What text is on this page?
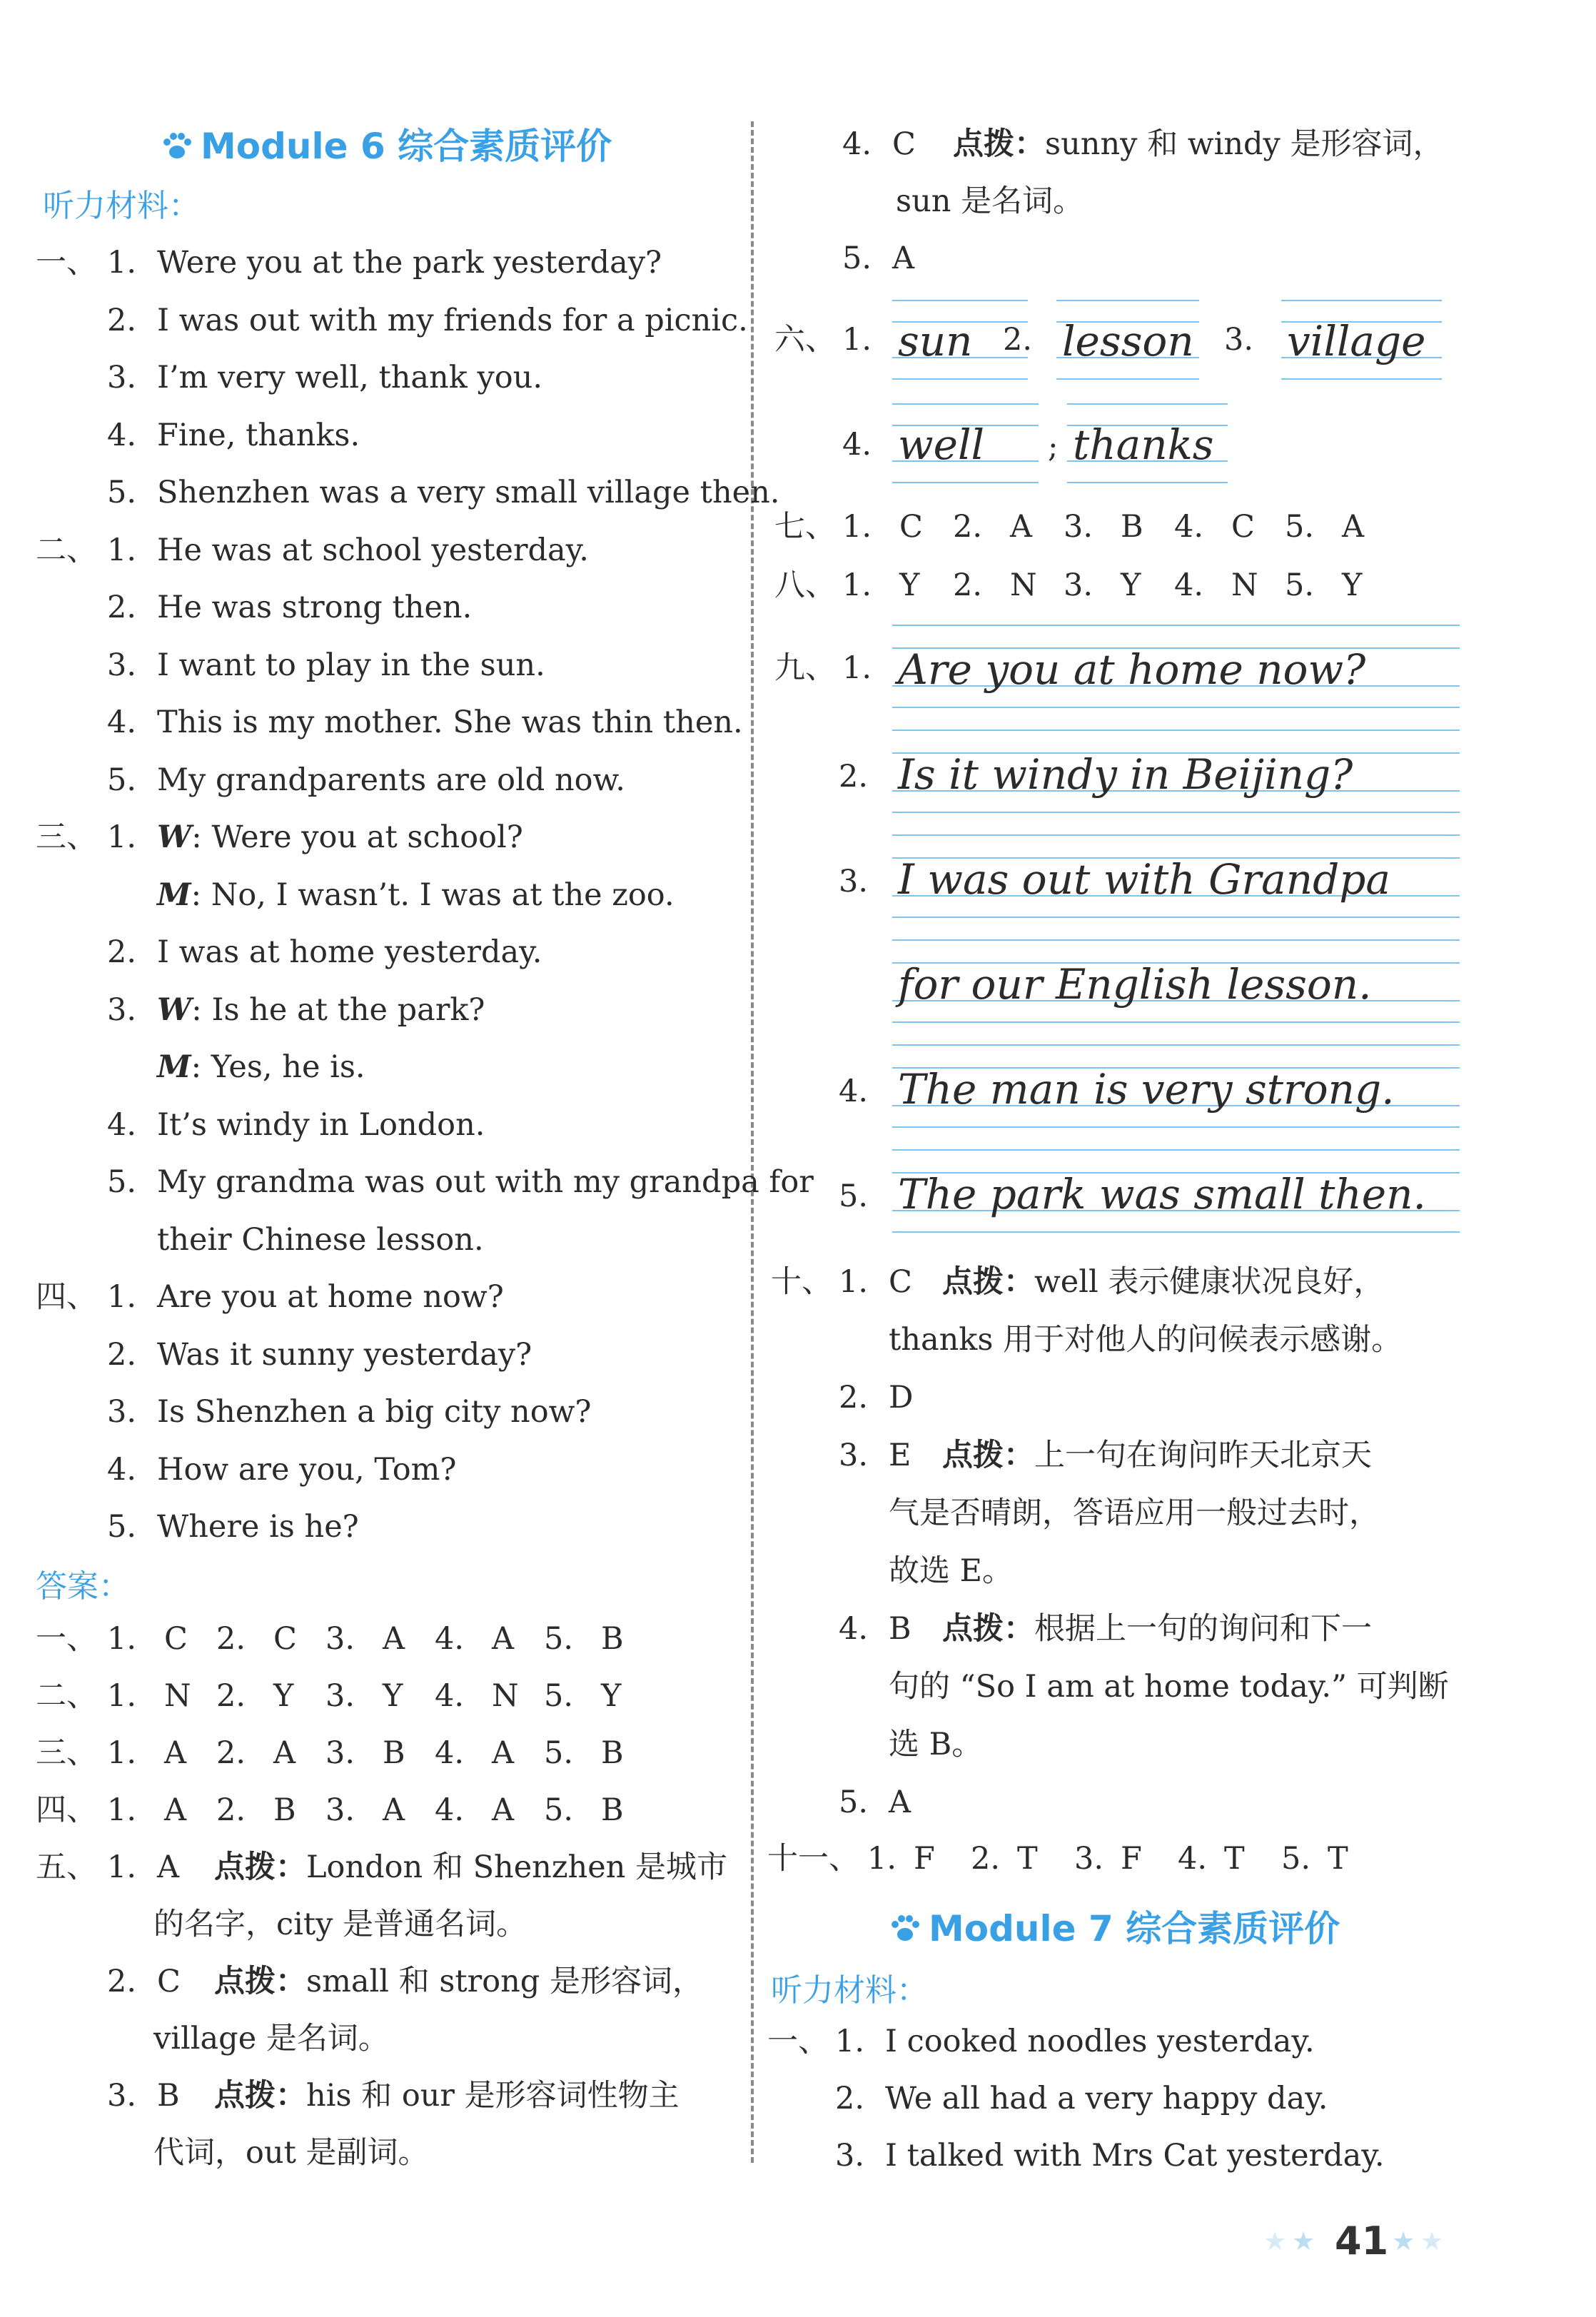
Module 6 综合素质评价
听力材料：
一、 1. Were you at the park yesterday?
2. I was out with my friends for a picnic.
3. I’m very well, thank you.
4. Fine, thanks.
5. Shenzhen was a very small village then.
二、 1. He was at school yesterday.
2. He was strong then.
3. I want to play in the sun.
4. This is my mother. She was thin then.
5. My grandparents are old now.
三、 1. W: Were you at school?
M: No, I wasn’t. I was at the zoo.
2. I was at home yesterday.
3. W: Is he at the park?
M: Yes, he is.
4. It’s windy in London.
5. My grandma was out with my grandpa for
their Chinese lesson.
四、 1. Are you at home now?
2. Was it sunny yesterday?
3. Is Shenzhen a big city now?
4. How are you, Tom?
5. Where is he?
答案：
一、 1. C 2. C 3. A 4. A 5. B
二、 1. N 2. Y 3. Y 4. N 5. Y
三、 1. A 2. A 3. B 4. A 5. B
四、 1. A 2. B 3. A 4. A 5. B
五、 1. A 点拨：London 和 Shenzhen 是城市
的名字，city 是普通名词。
2. C 点拨：small 和 strong 是形容词，
village 是名词。
3. B 点拨：his 和 our 是形容词性物主
代词，out 是副词。
4. C 点拨：sunny 和 windy 是形容词，
sun 是名词。
5. A
六、 1. sun 2. lesson 3. village
4. well thanks
;
七、 1. C 2. A 3. B 4. C 5. A
八、 1. Y 2. N 3. Y 4. N 5. Y
九、 Are you at home now?
1.
Is it windy in Beijing?
2.
I was out with Grandpa
3.
for our English lesson.
The man is very strong.
4.
The park was small then.
5.
十、 1. C 点拨：well 表示健康状况良好，
thanks 用于对他人的问候表示感谢。
2. D
3. E 点拨：上一句在询问昨天北京天
气是否晴朗，答语应用一般过去时，
故选 E。
4. B 点拨：根据上一句的询问和下一
句的 “So I am at home today.” 可判断
选 B。
5. A
十一、 1. F 2. T 3. F 4. T 5. T
Module 7 综合素质评价
听力材料：
一、 1. I cooked noodles yesterday.
2. We all had a very happy day.
3. I talked with Mrs Cat yesterday.
★ ★ 41 ★ ★
